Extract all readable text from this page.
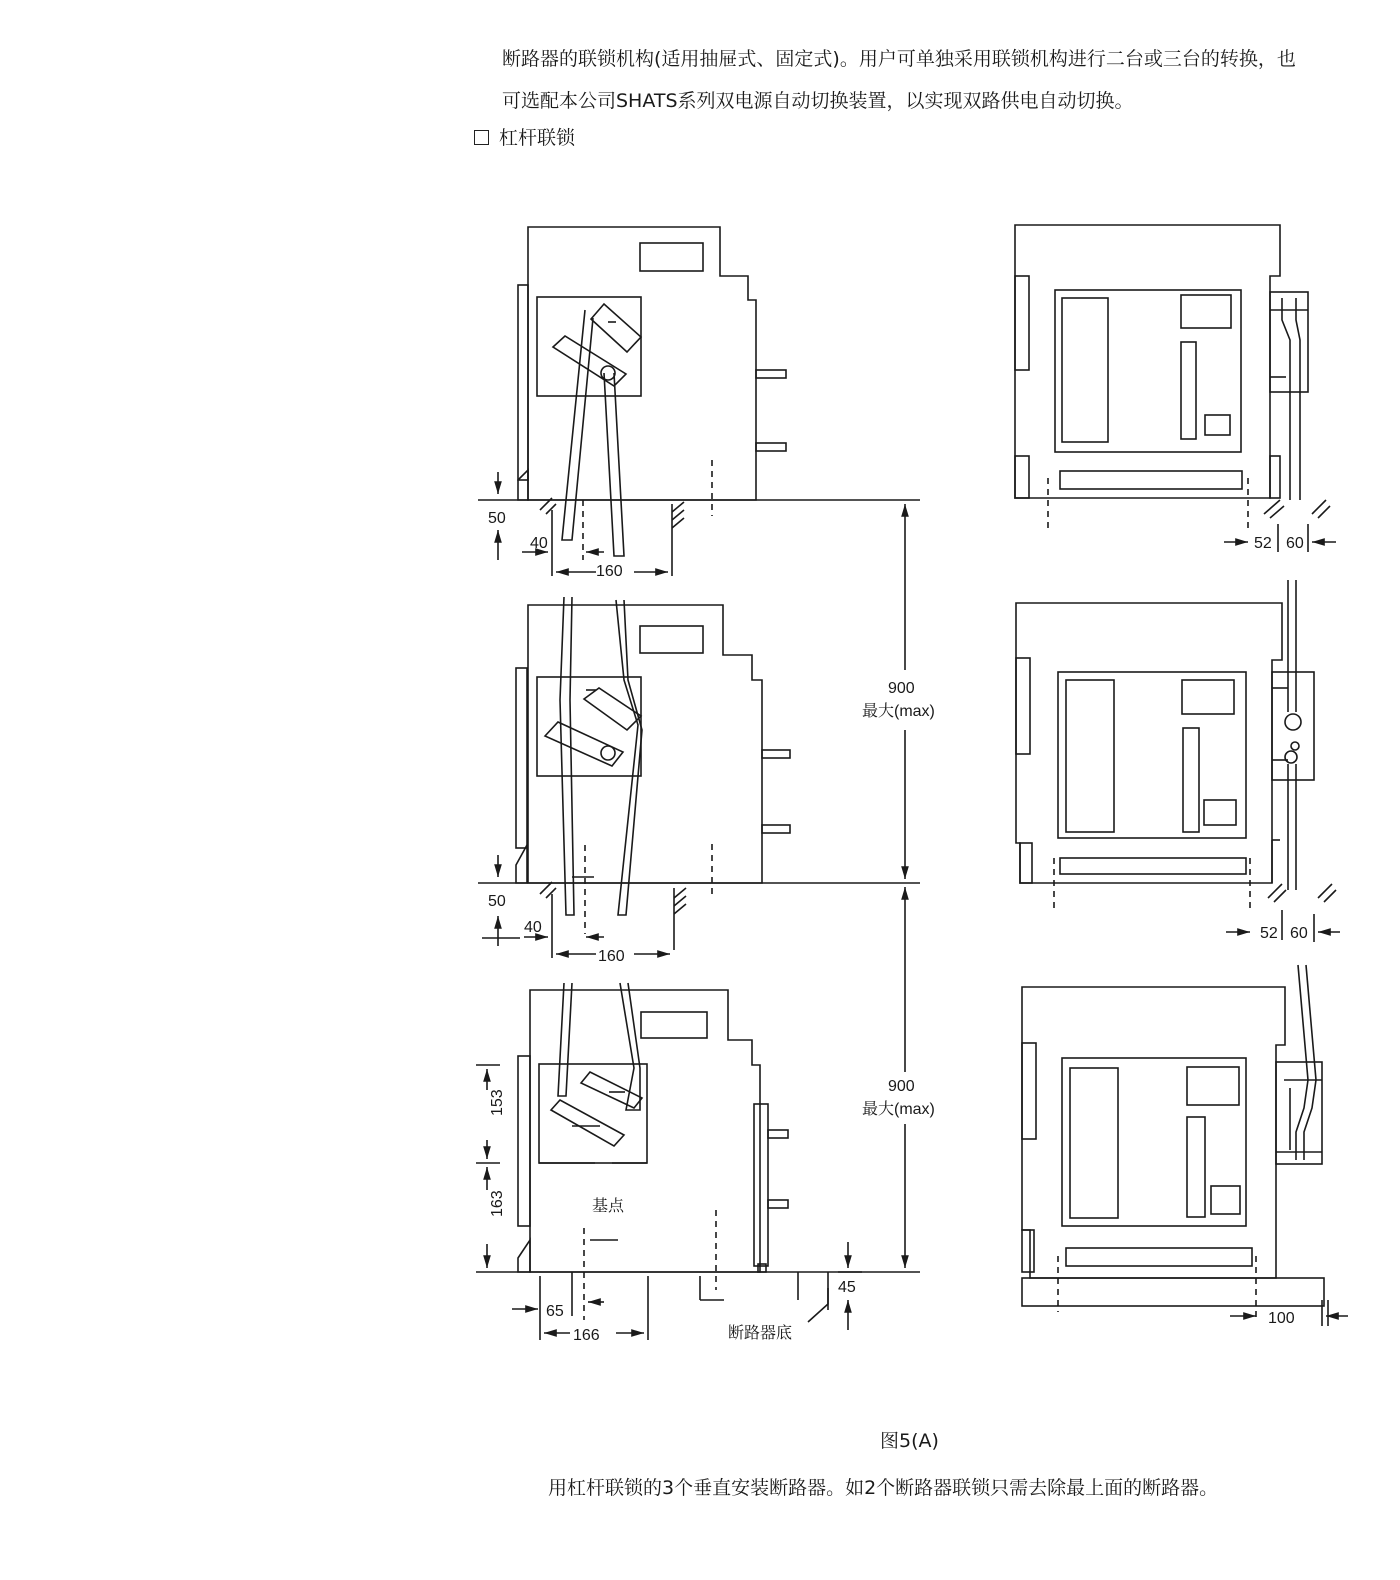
断路器的联锁机构(适用抽屉式、固定式)。用户可单独采用联锁机构进行二台或三台的转换，也
可选配本公司SHATS系列双电源自动切换装置，以实现双路供电自动切换。
杠杆联锁
50
40
160
50
40
160
900
最大(max)
900
最大(max)
52 60
52 60
100
153
163	基点
65
166
45
断路器底
图5(A)
用杠杆联锁的3个垂直安装断路器。如2个断路器联锁只需去除最上面的断路器。
